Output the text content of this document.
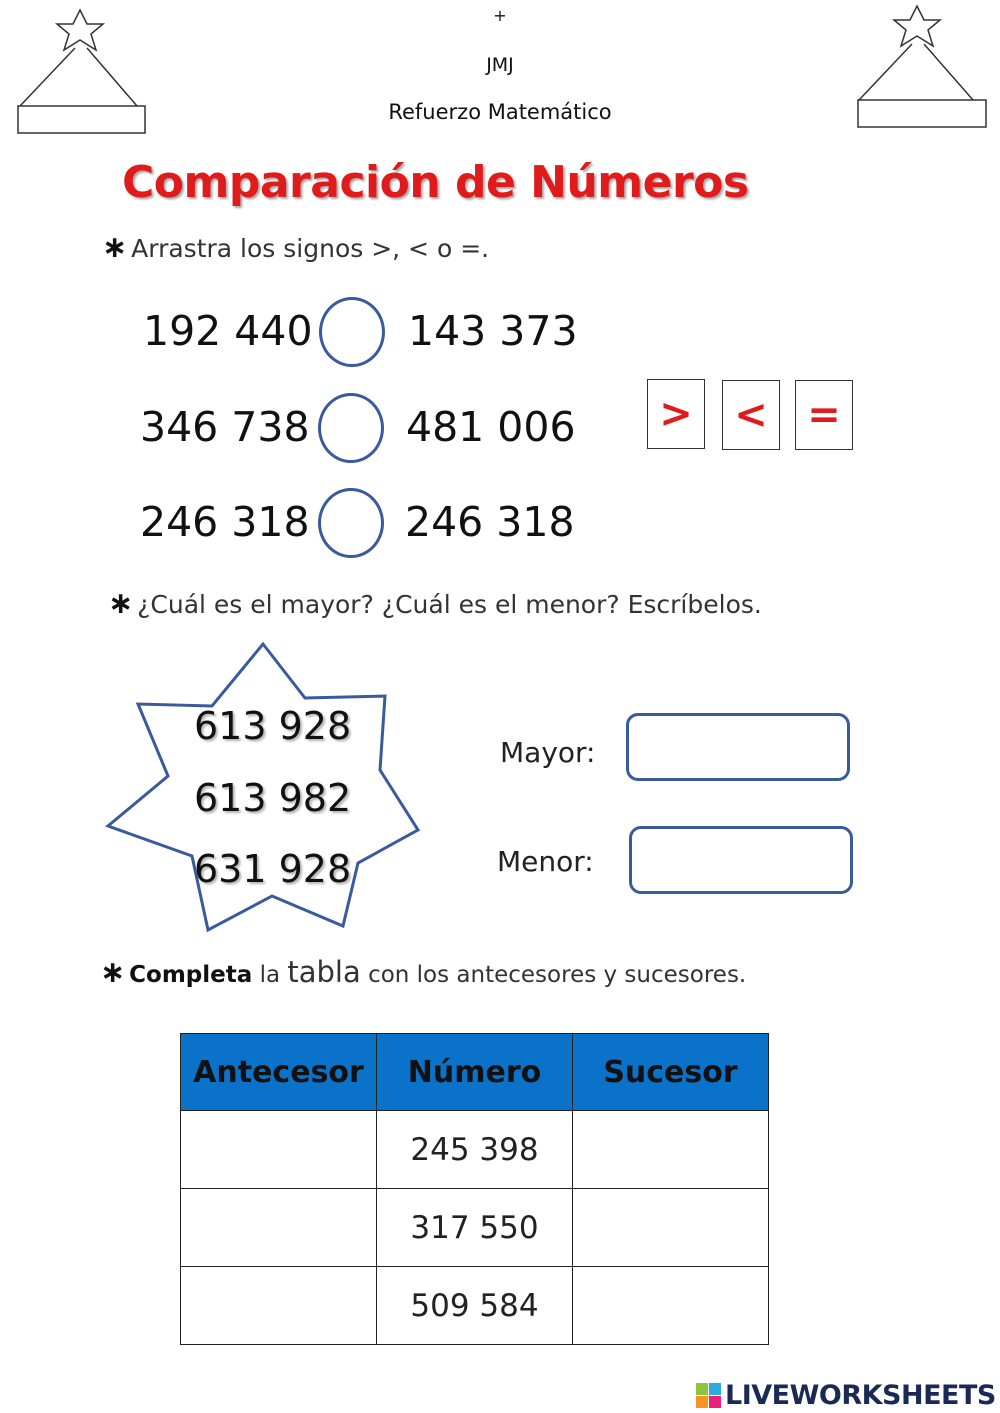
+
JMJ
Refuerzo Matemático
Comparación de Números
∗ Arrastra los signos >, < o =.
192 440 143 373
346 738 481 006
246 318 246 318
>	< =
∗ ¿Cuál es el mayor? ¿Cuál es el menor? Escríbelos.
613 928
613 982
631 928
Mayor:
Menor:
∗ Completa la tabla con los antecesores y sucesores.
Antecesor	Número	Sucesor
	245 398	
	317 550	
	509 584	
LIVEWORKSHEETS
